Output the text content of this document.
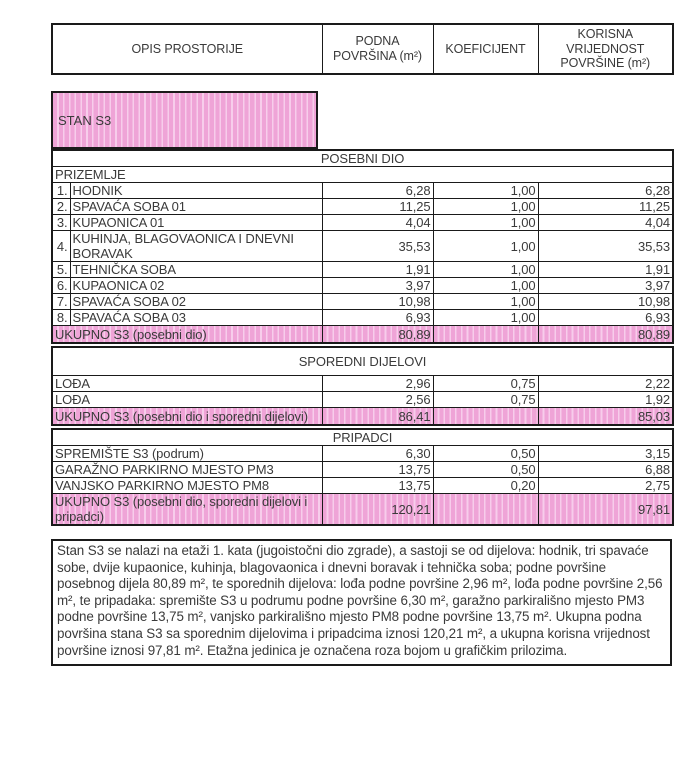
OPIS PROSTORIJE	PODNA POVRŠINA (m²)	KOEFICIJENT	KORISNA VRIJEDNOST POVRŠINE (m²)
STAN S3
POSEBNI DIO				
PRIZEMLJE				
1.	HODNIK	6,28	1,00	6,28
2.	SPAVAĆA SOBA 01	11,25	1,00	11,25
3.	KUPAONICA 01	4,04	1,00	4,04
4.	KUHINJA, BLAGOVAONICA I DNEVNI BORAVAK	35,53	1,00	35,53
5.	TEHNIČKA SOBA	1,91	1,00	1,91
6.	KUPAONICA 02	3,97	1,00	3,97
7.	SPAVAĆA SOBA 02	10,98	1,00	10,98
8.	SPAVAĆA SOBA 03	6,93	1,00	6,93
UKUPNO S3 (posebni dio)		80,89		80,89
SPOREDNI DIJELOVI			
LOĐA	2,96	0,75	2,22
LOĐA	2,56	0,75	1,92
UKUPNO S3 (posebni dio i sporedni dijelovi)	86,41		85,03
PRIPADCI			
SPREMIŠTE S3 (podrum)	6,30	0,50	3,15
GARAŽNO PARKIRNO MJESTO PM3	13,75	0,50	6,88
VANJSKO PARKIRNO MJESTO PM8	13,75	0,20	2,75
UKUPNO S3 (posebni dio, sporedni dijelovi i pripadci)	120,21		97,81
Stan S3 se nalazi na etaži 1. kata (jugoistočni dio zgrade), a sastoji se od dijelova: hodnik, tri spavaće sobe, dvije kupaonice, kuhinja, blagovaonica i dnevni boravak i tehnička soba; podne površine posebnog dijela 80,89 m², te sporednih dijelova: lođa podne površine 2,96 m², lođa podne površine 2,56 m², te pripadaka: spremište S3 u podrumu podne površine 6,30 m², garažno parkirališno mjesto PM3 podne površine 13,75 m², vanjsko parkirališno mjesto PM8 podne površine 13,75 m². Ukupna podna površina stana S3 sa sporednim dijelovima i pripadcima iznosi 120,21 m², a ukupna korisna vrijednost površine iznosi 97,81 m². Etažna jedinica je označena roza bojom u grafičkim prilozima.
